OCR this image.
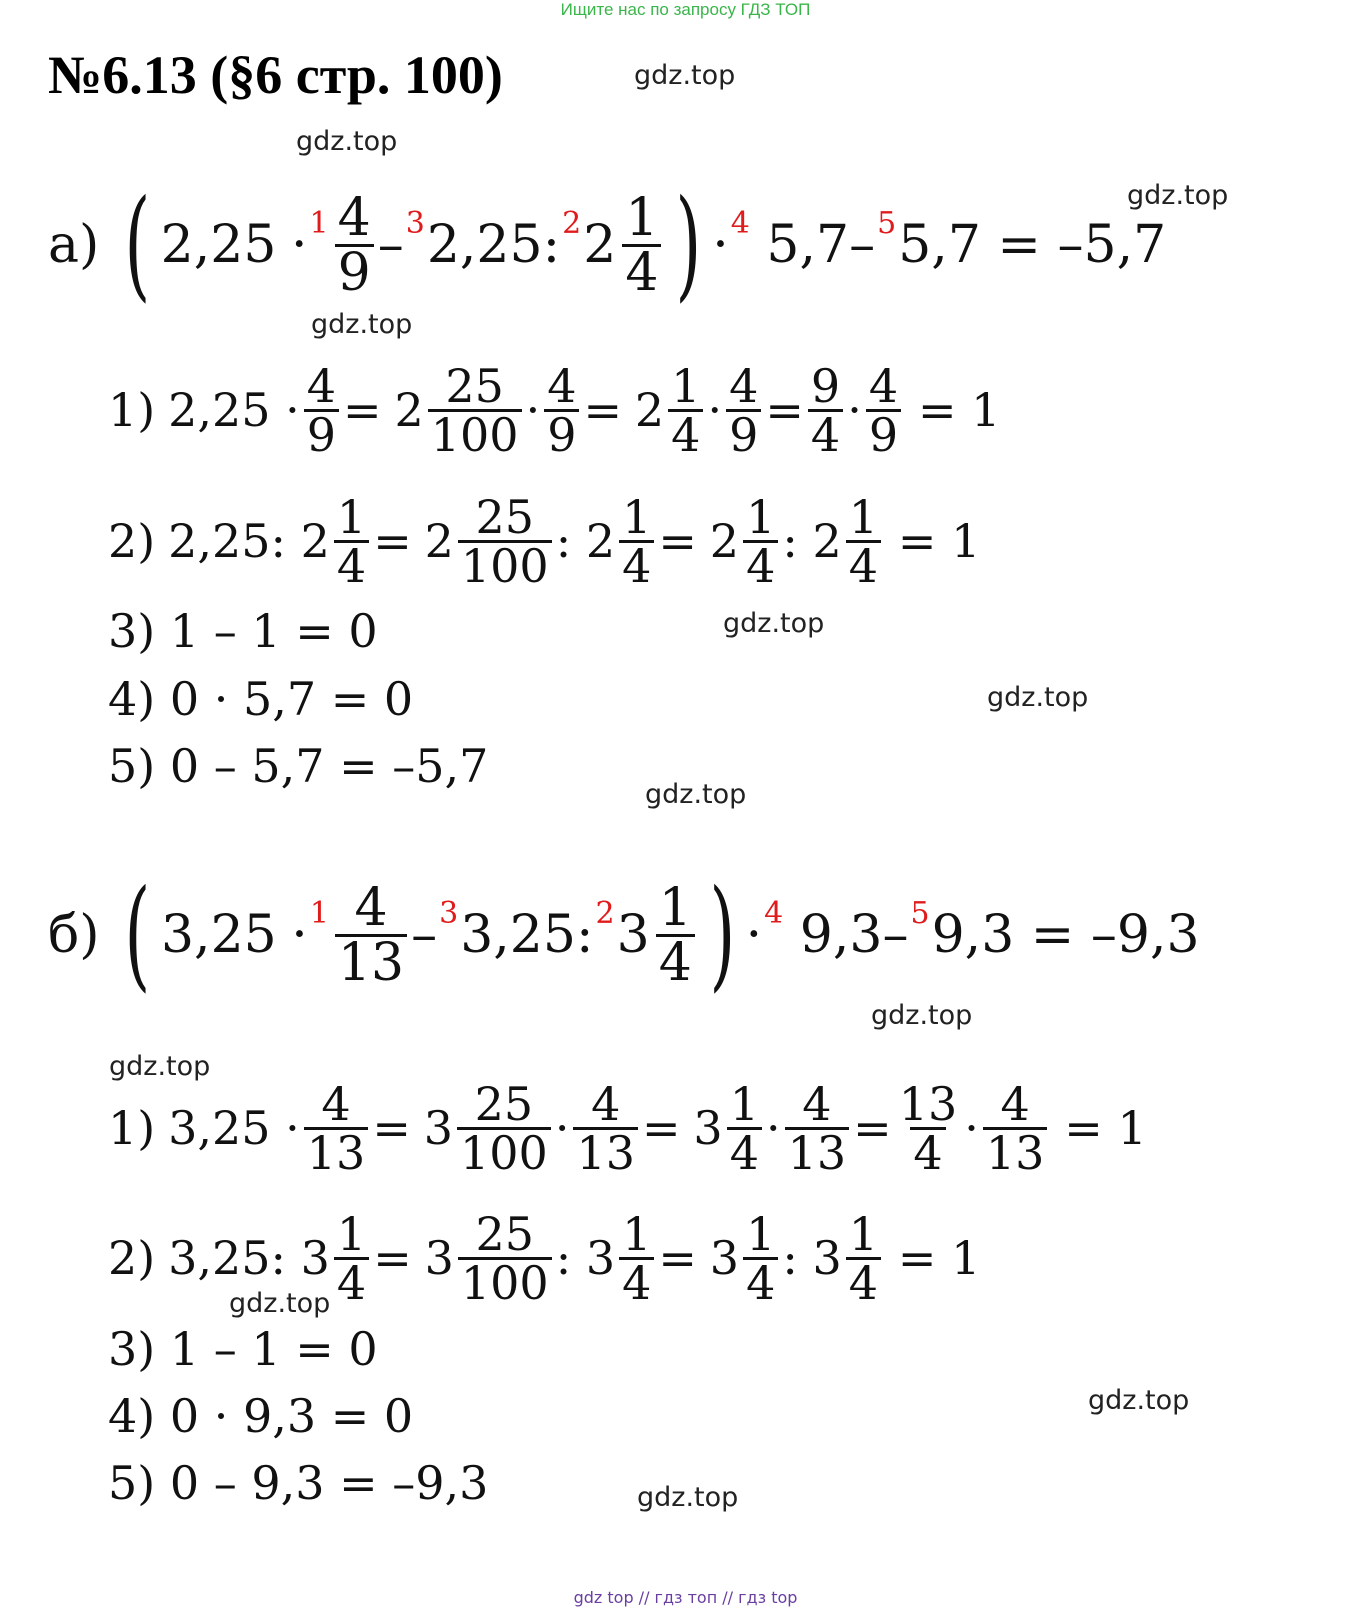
Ищите нас по запросу ГДЗ ТОП
№6.13 (§6 стр. 100)	gdz.top
gdz.top
gdz.top
gdz.top
gdz.top
gdz.top
gdz.top
gdz.top
gdz.top
gdz.top
gdz.top
gdz.top
а) ( $2,25 \cdot 1 \frac{4}{9} - 3$ 2,25: 2 $2 \frac{1}{4}$ ) · 4 5,7– 5 5,7 = –5,7
1) $2,25 \cdot \frac{4}{9} = 2 \frac{25}{100} \cdot \frac{4}{9} = 2 \frac{1}{4} \cdot \frac{4}{9} = \frac{9}{4} \cdot \frac{4}{9} = 1$
2) 2,25: $2 \frac{1}{4} = 2 \frac{25}{100}$ : $2 \frac{1}{4} = 2 \frac{1}{4}$ : $2 \frac{1}{4} = 1$
3) 1 – 1 = 0
4) 0 · 5,7 = 0
5) 0 – 5,7 = –5,7
б) ( $3,25 \cdot 1 \frac{4}{13} - 3$ 3,25: 2 $3 \frac{1}{4}$ ) · 4 9,3– 5 9,3 = –9,3
1) $3,25 \cdot \frac{4}{13} = 3 \frac{25}{100} \cdot \frac{4}{13} = 3 \frac{1}{4} \cdot \frac{4}{13} = \frac{13}{4} \cdot \frac{4}{13} = 1$
2) 3,25: $3 \frac{1}{4} = 3 \frac{25}{100}$ : $3 \frac{1}{4} = 3 \frac{1}{4}$ : $3 \frac{1}{4} = 1$
3) 1 – 1 = 0
4) 0 · 9,3 = 0
5) 0 – 9,3 = –9,3
gdz top // гдз топ // гдз top
